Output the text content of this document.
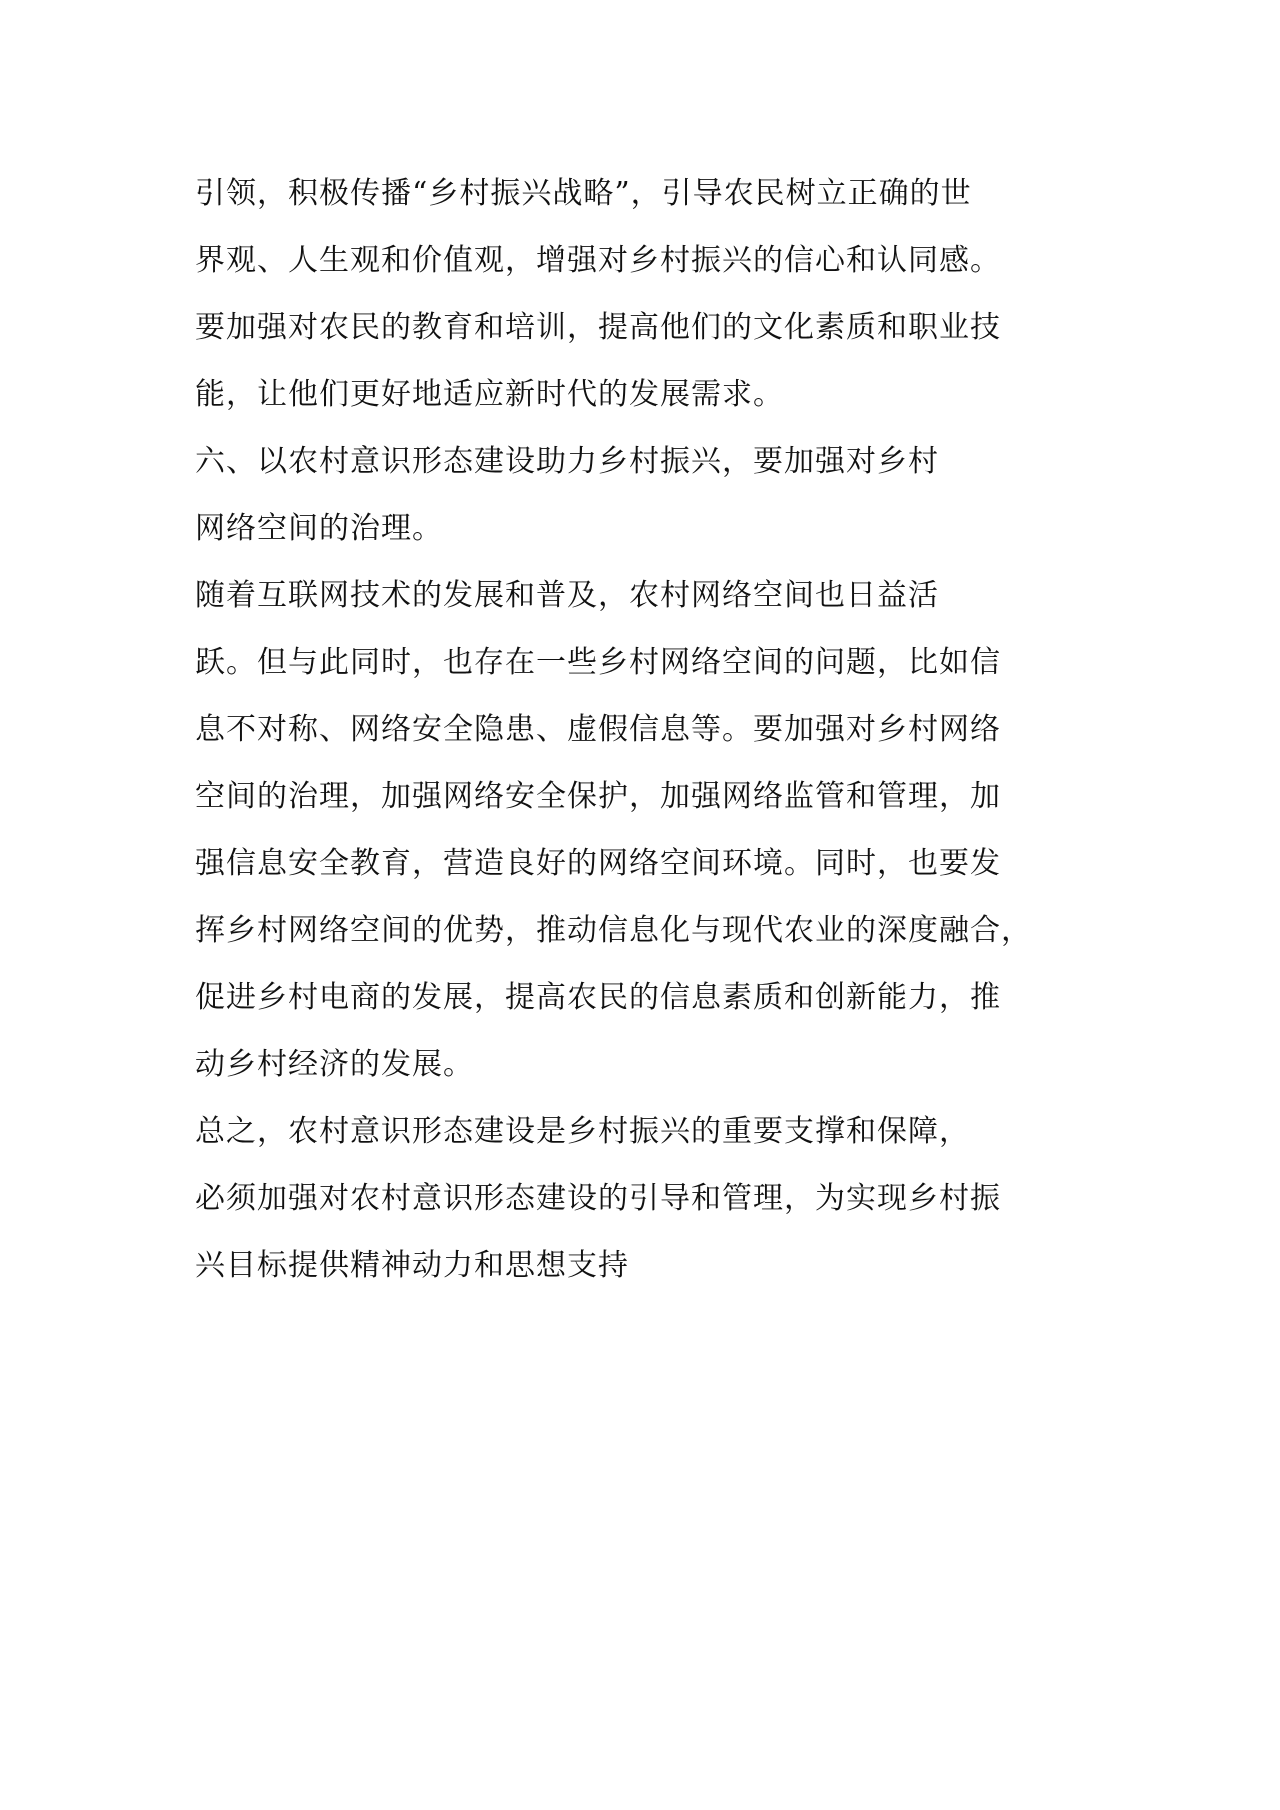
引领，积极传播“乡村振兴战略”，引导农民树立正确的世
界观、人生观和价值观，增强对乡村振兴的信心和认同感。
要加强对农民的教育和培训，提高他们的文化素质和职业技
能，让他们更好地适应新时代的发展需求。
六、以农村意识形态建设助力乡村振兴，要加强对乡村
网络空间的治理。
随着互联网技术的发展和普及，农村网络空间也日益活
跃。但与此同时，也存在一些乡村网络空间的问题，比如信
息不对称、网络安全隐患、虚假信息等。要加强对乡村网络
空间的治理，加强网络安全保护，加强网络监管和管理，加
强信息安全教育，营造良好的网络空间环境。同时，也要发
挥乡村网络空间的优势，推动信息化与现代农业的深度融合，
促进乡村电商的发展，提高农民的信息素质和创新能力，推
动乡村经济的发展。
总之，农村意识形态建设是乡村振兴的重要支撑和保障，
必须加强对农村意识形态建设的引导和管理，为实现乡村振
兴目标提供精神动力和思想支持
